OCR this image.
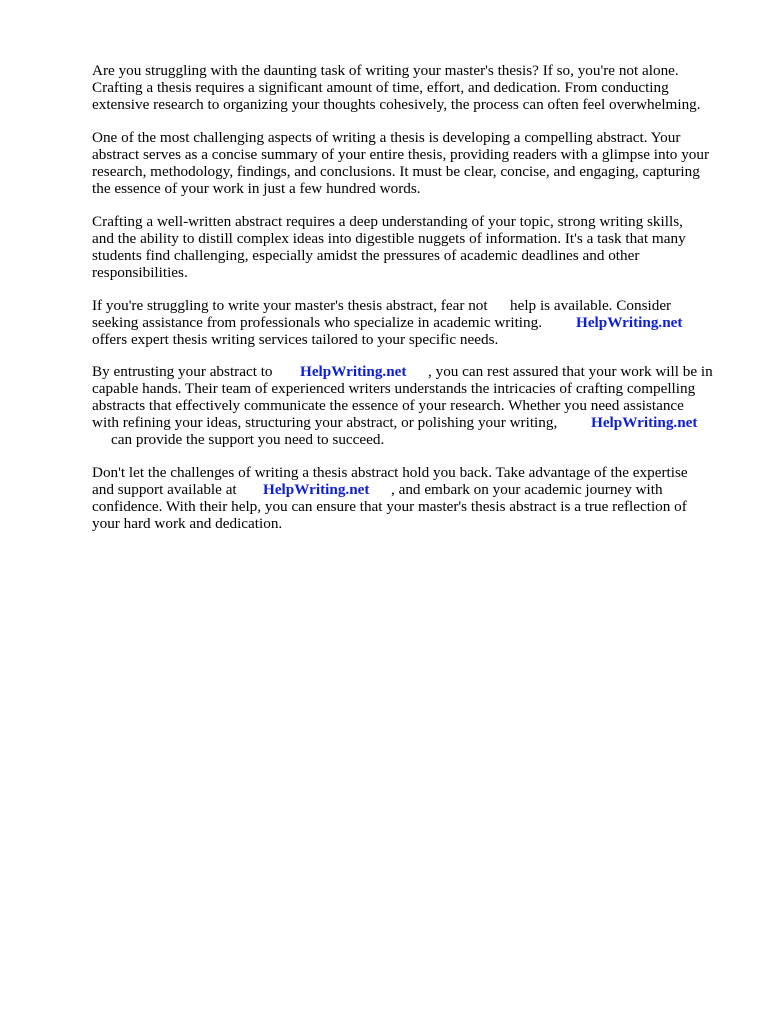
Are you struggling with the daunting task of writing your master's thesis? If so, you're not alone.
Crafting a thesis requires a significant amount of time, effort, and dedication. From conducting
extensive research to organizing your thoughts cohesively, the process can often feel overwhelming.
One of the most challenging aspects of writing a thesis is developing a compelling abstract. Your
abstract serves as a concise summary of your entire thesis, providing readers with a glimpse into your
research, methodology, findings, and conclusions. It must be clear, concise, and engaging, capturing
the essence of your work in just a few hundred words.
Crafting a well-written abstract requires a deep understanding of your topic, strong writing skills,
and the ability to distill complex ideas into digestible nuggets of information. It's a task that many
students find challenging, especially amidst the pressures of academic deadlines and other
responsibilities.
If you're struggling to write your master's thesis abstract, fear not help is available. Consider
seeking assistance from professionals who specialize in academic writing. HelpWriting.net
offers expert thesis writing services tailored to your specific needs.
By entrusting your abstract to HelpWriting.net , you can rest assured that your work will be in
capable hands. Their team of experienced writers understands the intricacies of crafting compelling
abstracts that effectively communicate the essence of your research. Whether you need assistance
with refining your ideas, structuring your abstract, or polishing your writing, HelpWriting.net
can provide the support you need to succeed.
Don't let the challenges of writing a thesis abstract hold you back. Take advantage of the expertise
and support available at HelpWriting.net , and embark on your academic journey with
confidence. With their help, you can ensure that your master's thesis abstract is a true reflection of
your hard work and dedication.
